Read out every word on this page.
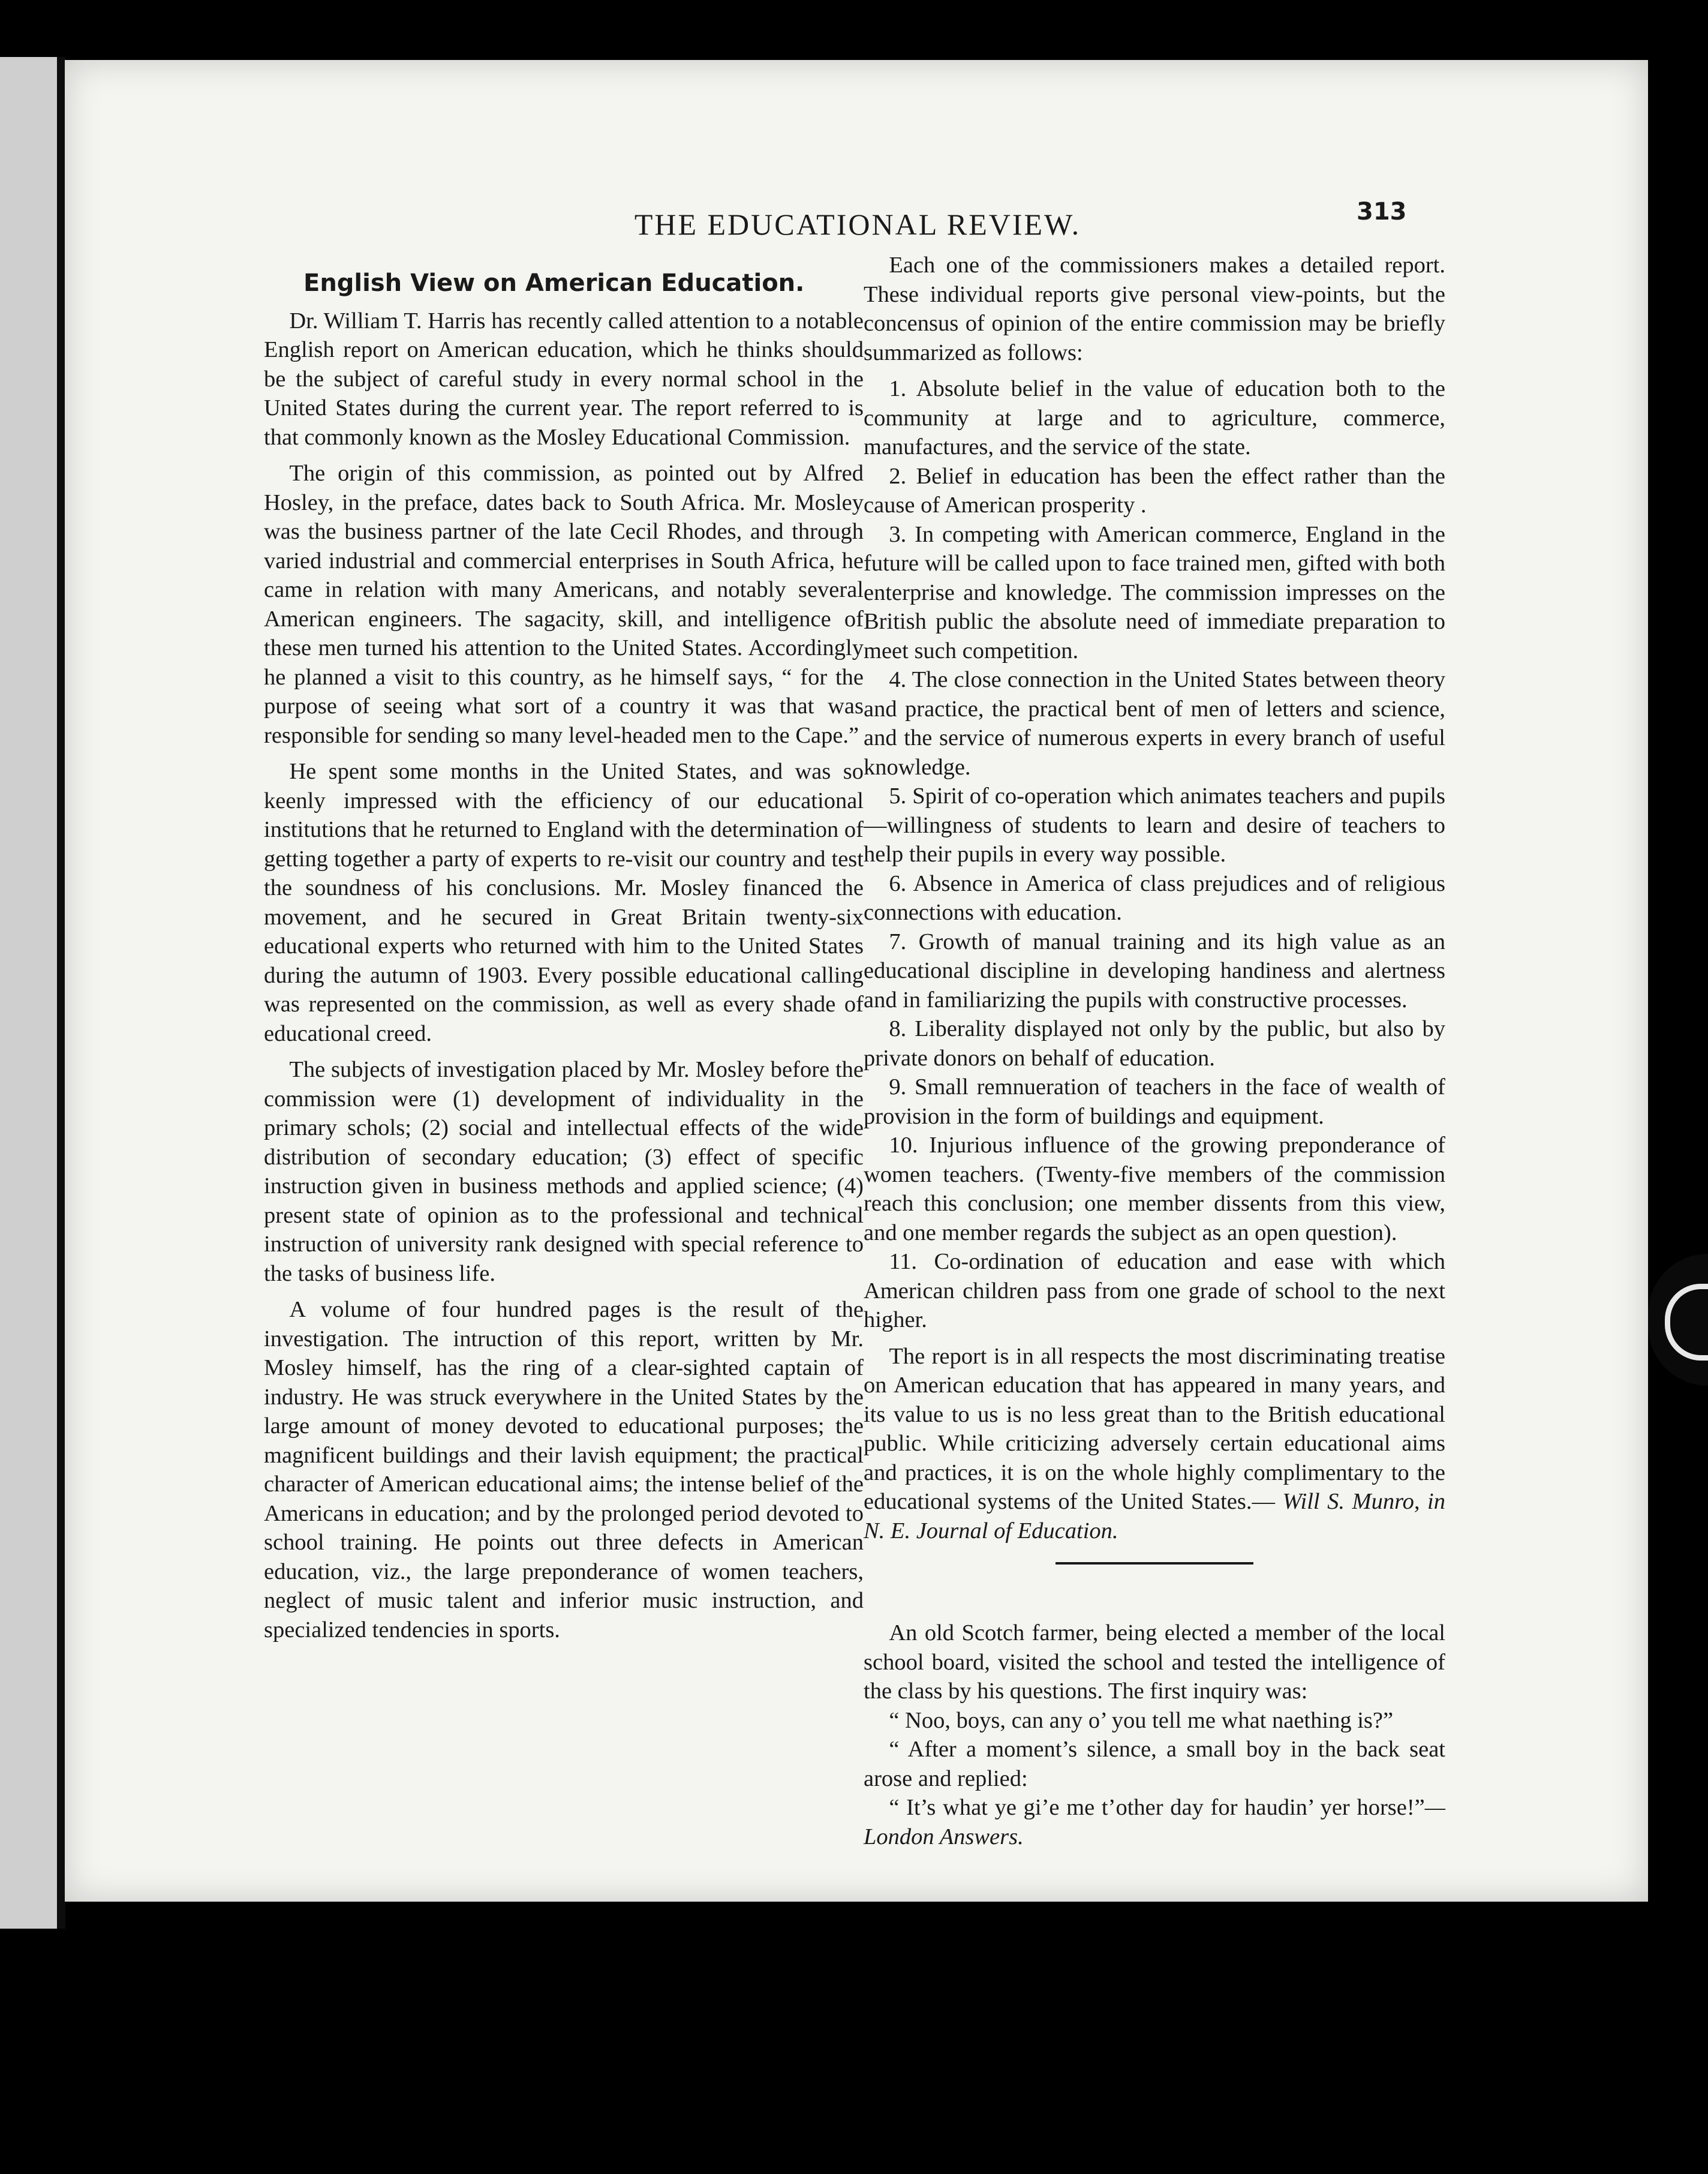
THE EDUCATIONAL REVIEW.	313
English View on American Education.

Dr. William T. Harris has recently called attention to a notable English report on American education, which he thinks should be the subject of careful study in every normal school in the United States during the current year. The report referred to is that commonly known as the Mosley Educational Commission.

The origin of this commission, as pointed out by Alfred Hosley, in the preface, dates back to South Africa. Mr. Mosley was the business partner of the late Cecil Rhodes, and through varied industrial and commercial enterprises in South Africa, he came in relation with many Americans, and notably several American engineers. The sagacity, skill, and intelligence of these men turned his attention to the United States. Accordingly he planned a visit to this country, as he himself says, “ for the purpose of seeing what sort of a country it was that was responsible for sending so many level-headed men to the Cape.”

He spent some months in the United States, and was so keenly impressed with the efficiency of our educational institutions that he returned to England with the determination of getting together a party of experts to re-visit our country and test the soundness of his conclusions. Mr. Mosley financed the movement, and he secured in Great Britain twenty-six educational experts who returned with him to the United States during the autumn of 1903. Every possible educational calling was represented on the commission, as well as every shade of educational creed.

The subjects of investigation placed by Mr. Mosley before the commission were (1) development of individuality in the primary schols; (2) social and intellectual effects of the wide distribution of secondary education; (3) effect of specific instruction given in business methods and applied science; (4) present state of opinion as to the professional and technical instruction of university rank designed with special reference to the tasks of business life.

A volume of four hundred pages is the result of the investigation. The intruction of this report, written by Mr. Mosley himself, has the ring of a clear-sighted captain of industry. He was struck everywhere in the United States by the large amount of money devoted to educational purposes; the magnificent buildings and their lavish equipment; the practical character of American educational aims; the intense belief of the Americans in education; and by the prolonged period devoted to school training. He points out three defects in American education, viz., the large preponderance of women teachers, neglect of music talent and inferior music instruction, and specialized tendencies in sports.

Each one of the commissioners makes a detailed report. These individual reports give personal view-points, but the concensus of opinion of the entire commission may be briefly summarized as follows:

1. Absolute belief in the value of education both to the community at large and to agriculture, commerce, manufactures, and the service of the state.

2. Belief in education has been the effect rather than the cause of American prosperity .

3. In competing with American commerce, England in the future will be called upon to face trained men, gifted with both enterprise and knowledge. The commission impresses on the British public the absolute need of immediate preparation to meet such competition.

4. The close connection in the United States between theory and practice, the practical bent of men of letters and science, and the service of numerous experts in every branch of useful knowledge.

5. Spirit of co-operation which animates teachers and pupils—willingness of students to learn and desire of teachers to help their pupils in every way possible.

6. Absence in America of class prejudices and of religious connections with education.

7. Growth of manual training and its high value as an educational discipline in developing handiness and alertness and in familiarizing the pupils with constructive processes.

8. Liberality displayed not only by the public, but also by private donors on behalf of education.

9. Small remnueration of teachers in the face of wealth of provision in the form of buildings and equipment.

10. Injurious influence of the growing preponderance of women teachers. (Twenty-five members of the commission reach this conclusion; one member dissents from this view, and one member regards the subject as an open question).

11. Co-ordination of education and ease with which American children pass from one grade of school to the next higher.

The report is in all respects the most discriminating treatise on American education that has appeared in many years, and its value to us is no less great than to the British educational public. While criticizing adversely certain educational aims and practices, it is on the whole highly complimentary to the educational systems of the United States.— Will S. Munro, in N. E. Journal of Education.

An old Scotch farmer, being elected a member of the local school board, visited the school and tested the intelligence of the class by his questions. The first inquiry was:

“ Noo, boys, can any o’ you tell me what naething is?”

“ After a moment’s silence, a small boy in the back seat arose and replied:

“ It’s what ye gi’e me t’other day for haudin’ yer horse!”—London Answers.
